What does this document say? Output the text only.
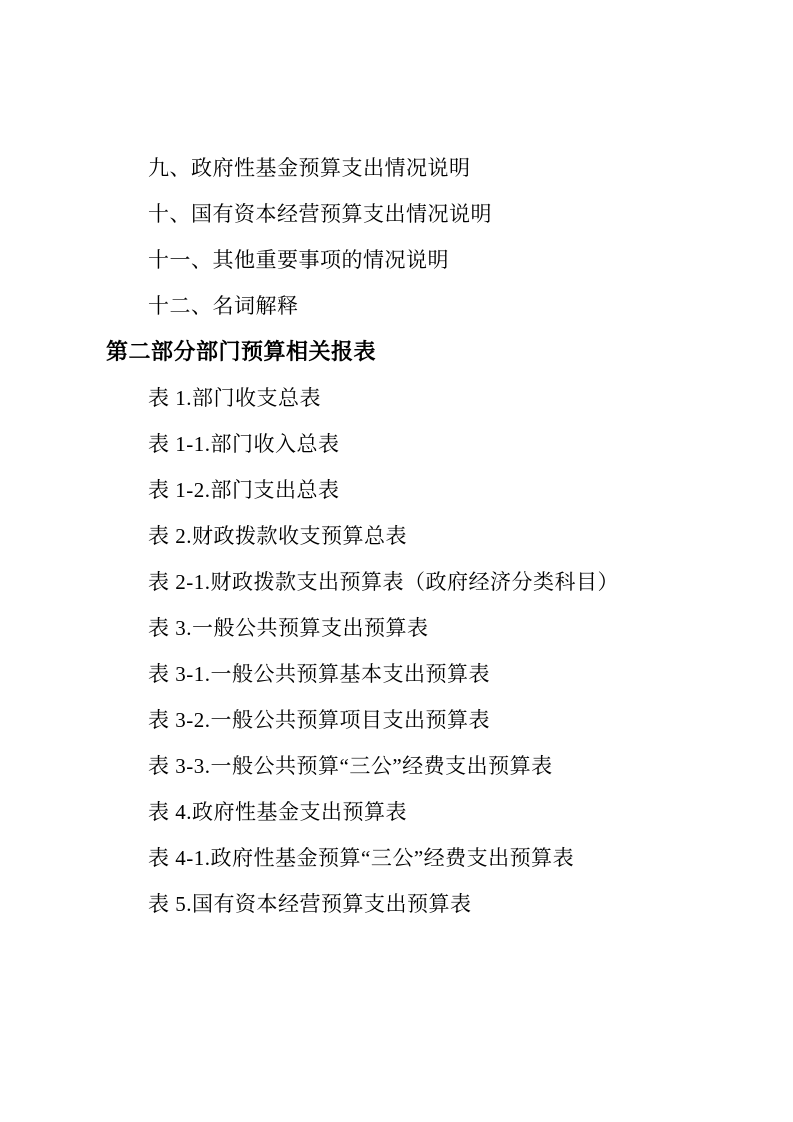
九、政府性基金预算支出情况说明

十、国有资本经营预算支出情况说明

十一、其他重要事项的情况说明

十二、名词解释

第二部分部门预算相关报表

表 1.部门收支总表

表 1-1.部门收入总表

表 1-2.部门支出总表

表 2.财政拨款收支预算总表

表 2-1.财政拨款支出预算表（政府经济分类科目）

表 3.一般公共预算支出预算表

表 3-1.一般公共预算基本支出预算表

表 3-2.一般公共预算项目支出预算表

表 3-3.一般公共预算“三公”经费支出预算表

表 4.政府性基金支出预算表

表 4-1.政府性基金预算“三公”经费支出预算表

表 5.国有资本经营预算支出预算表
